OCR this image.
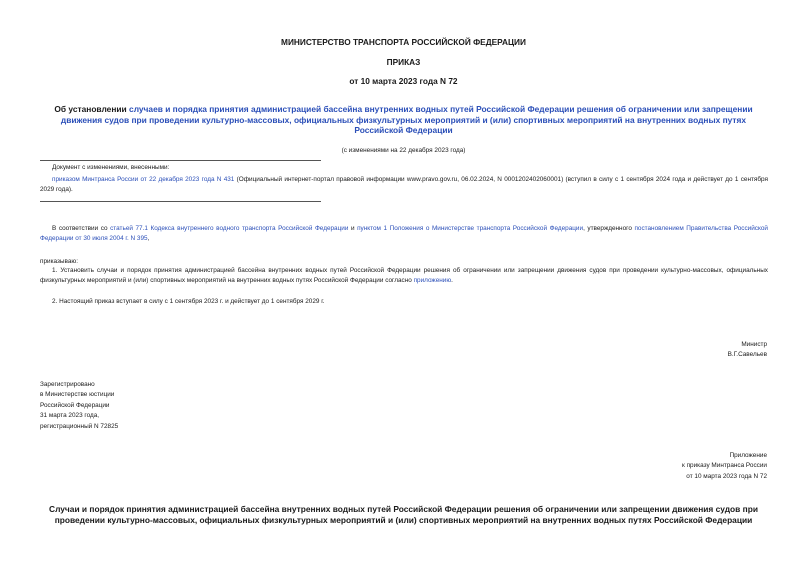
МИНИСТЕРСТВО ТРАНСПОРТА РОССИЙСКОЙ ФЕДЕРАЦИИ
ПРИКАЗ
от 10 марта 2023 года N 72
Об установлении случаев и порядка принятия администрацией бассейна внутренних водных путей Российской Федерации решения об ограничении или запрещении движения судов при проведении культурно-массовых, официальных физкультурных мероприятий и (или) спортивных мероприятий на внутренних водных путях Российской Федерации
(с изменениями на 22 декабря 2023 года)
Документ с изменениями, внесенными:
приказом Минтранса России от 22 декабря 2023 года N 431 (Официальный интернет-портал правовой информации www.pravo.gov.ru, 06.02.2024, N 0001202402060001) (вступил в силу с 1 сентября 2024 года и действует до 1 сентября 2029 года).
В соответствии со статьей 77.1 Кодекса внутреннего водного транспорта Российской Федерации и пунктом 1 Положения о Министерстве транспорта Российской Федерации, утвержденного постановлением Правительства Российской Федерации от 30 июля 2004 г. N 395,
приказываю:
1. Установить случаи и порядок принятия администрацией бассейна внутренних водных путей Российской Федерации решения об ограничении или запрещении движения судов при проведении культурно-массовых, официальных физкультурных мероприятий и (или) спортивных мероприятий на внутренних водных путях Российской Федерации согласно приложению.
2. Настоящий приказ вступает в силу с 1 сентября 2023 г. и действует до 1 сентября 2029 г.
Министр
В.Г.Савельев
Зарегистрировано
в Министерстве юстиции
Российской Федерации
31 марта 2023 года,
регистрационный N 72825
Приложение
к приказу Минтранса России
от 10 марта 2023 года N 72
Случаи и порядок принятия администрацией бассейна внутренних водных путей Российской Федерации решения об ограничении или запрещении движения судов при проведении культурно-массовых, официальных физкультурных мероприятий и (или) спортивных мероприятий на внутренних водных путях Российской Федерации
